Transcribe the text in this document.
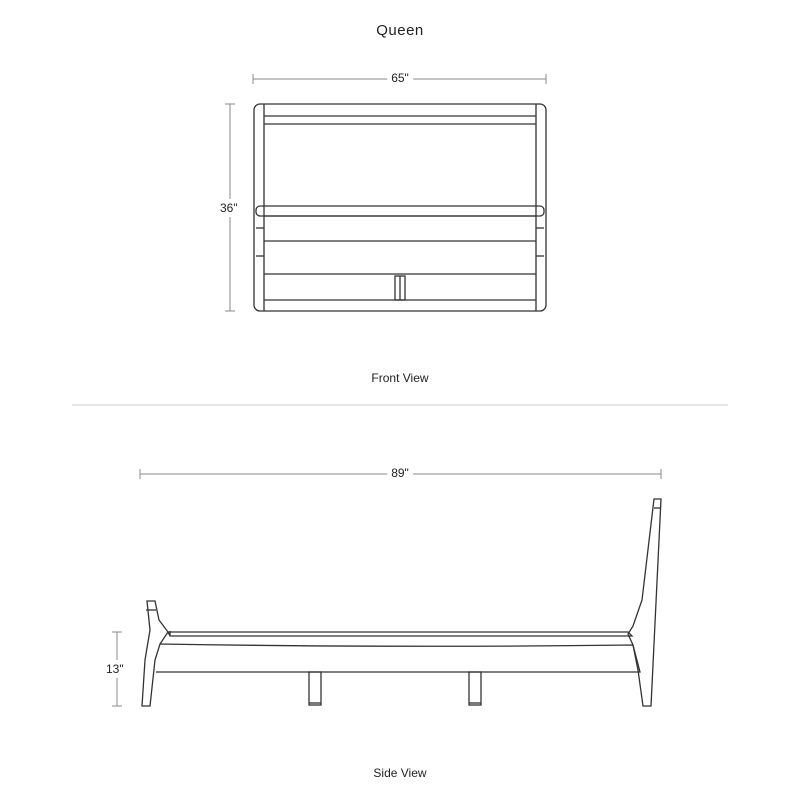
Queen
65"
36"
Front View
89"
13"
Side View
